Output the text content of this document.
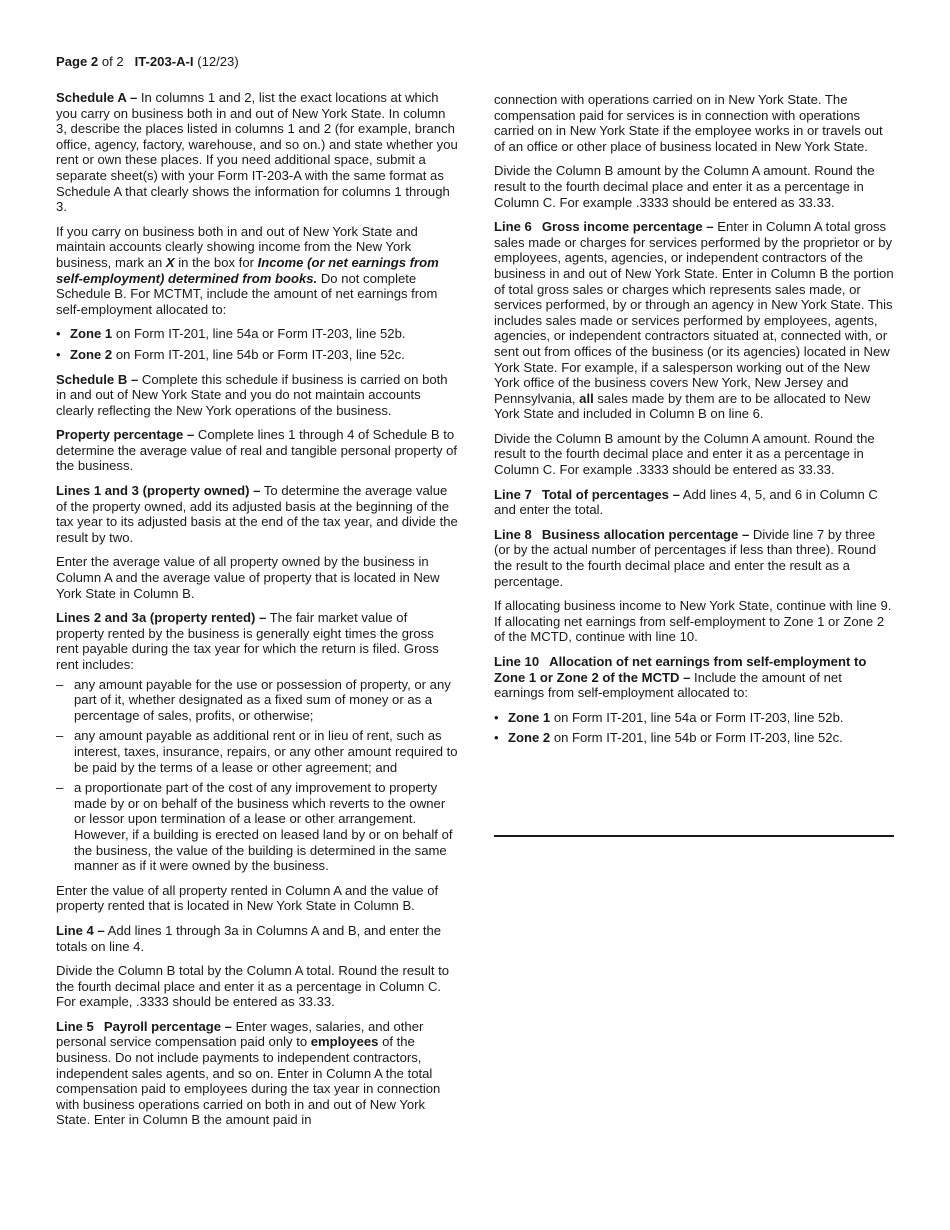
Page 2 of 2 IT-203-A-I (12/23)

Schedule A – In columns 1 and 2, list the exact locations at which you carry on business both in and out of New York State. In column 3, describe the places listed in columns 1 and 2 (for example, branch office, agency, factory, warehouse, and so on.) and state whether you rent or own these places. If you need additional space, submit a separate sheet(s) with your Form IT-203-A with the same format as Schedule A that clearly shows the information for columns 1 through 3.

If you carry on business both in and out of New York State and maintain accounts clearly showing income from the New York business, mark an X in the box for Income (or net earnings from self-employment) determined from books. Do not complete Schedule B. For MCTMT, include the amount of net earnings from self-employment allocated to:

• Zone 1 on Form IT-201, line 54a or Form IT-203, line 52b.
• Zone 2 on Form IT-201, line 54b or Form IT-203, line 52c.

Schedule B – Complete this schedule if business is carried on both in and out of New York State and you do not maintain accounts clearly reflecting the New York operations of the business.

Property percentage – Complete lines 1 through 4 of Schedule B to determine the average value of real and tangible personal property of the business.

Lines 1 and 3 (property owned) – To determine the average value of the property owned, add its adjusted basis at the beginning of the tax year to its adjusted basis at the end of the tax year, and divide the result by two.

Enter the average value of all property owned by the business in Column A and the average value of property that is located in New York State in Column B.

Lines 2 and 3a (property rented) – The fair market value of property rented by the business is generally eight times the gross rent payable during the tax year for which the return is filed. Gross rent includes:

– any amount payable for the use or possession of property, or any part of it, whether designated as a fixed sum of money or as a percentage of sales, profits, or otherwise;
– any amount payable as additional rent or in lieu of rent, such as interest, taxes, insurance, repairs, or any other amount required to be paid by the terms of a lease or other agreement; and
– a proportionate part of the cost of any improvement to property made by or on behalf of the business which reverts to the owner or lessor upon termination of a lease or other arrangement. However, if a building is erected on leased land by or on behalf of the business, the value of the building is determined in the same manner as if it were owned by the business.

Enter the value of all property rented in Column A and the value of property rented that is located in New York State in Column B.

Line 4 – Add lines 1 through 3a in Columns A and B, and enter the totals on line 4.

Divide the Column B total by the Column A total. Round the result to the fourth decimal place and enter it as a percentage in Column C. For example, .3333 should be entered as 33.33.

Line 5 Payroll percentage – Enter wages, salaries, and other personal service compensation paid only to employees of the business. Do not include payments to independent contractors, independent sales agents, and so on. Enter in Column A the total compensation paid to employees during the tax year in connection with business operations carried on both in and out of New York State. Enter in Column B the amount paid in

connection with operations carried on in New York State. The compensation paid for services is in connection with operations carried on in New York State if the employee works in or travels out of an office or other place of business located in New York State.

Divide the Column B amount by the Column A amount. Round the result to the fourth decimal place and enter it as a percentage in Column C. For example .3333 should be entered as 33.33.

Line 6 Gross income percentage – Enter in Column A total gross sales made or charges for services performed by the proprietor or by employees, agents, agencies, or independent contractors of the business in and out of New York State. Enter in Column B the portion of total gross sales or charges which represents sales made, or services performed, by or through an agency in New York State. This includes sales made or services performed by employees, agents, agencies, or independent contractors situated at, connected with, or sent out from offices of the business (or its agencies) located in New York State. For example, if a salesperson working out of the New York office of the business covers New York, New Jersey and Pennsylvania, all sales made by them are to be allocated to New York State and included in Column B on line 6.

Divide the Column B amount by the Column A amount. Round the result to the fourth decimal place and enter it as a percentage in Column C. For example .3333 should be entered as 33.33.

Line 7 Total of percentages – Add lines 4, 5, and 6 in Column C and enter the total.

Line 8 Business allocation percentage – Divide line 7 by three (or by the actual number of percentages if less than three). Round the result to the fourth decimal place and enter the result as a percentage.

If allocating business income to New York State, continue with line 9. If allocating net earnings from self-employment to Zone 1 or Zone 2 of the MCTD, continue with line 10.

Line 10 Allocation of net earnings from self-employment to Zone 1 or Zone 2 of the MCTD – Include the amount of net earnings from self-employment allocated to:

• Zone 1 on Form IT-201, line 54a or Form IT-203, line 52b.
• Zone 2 on Form IT-201, line 54b or Form IT-203, line 52c.
